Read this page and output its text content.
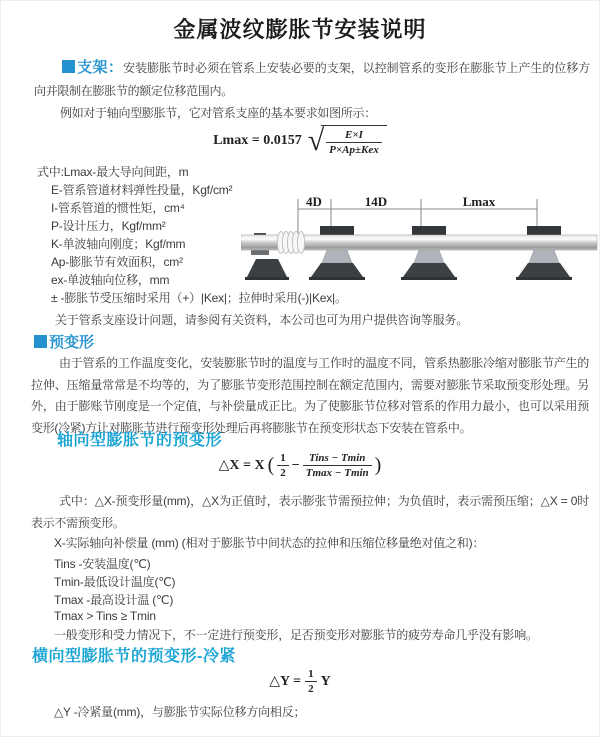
金属波纹膨胀节安装说明
支架：安装膨胀节时必须在管系上安装必要的支架，以控制管系的变形在膨胀节上产生的位移方向并限制在膨胀节的额定位移范围内。
例如对于轴向型膨胀节，它对管系支座的基本要求如图所示：
Lmax = 0.0157 √ $\frac{E\times I}{\text{P×Ap±Kex}}$
式中:Lmax-最大导向间距，m
E-管系管道材料弹性投量，Kgf/cm²
I-管系管道的惯性矩，cm⁴
P-设计压力，Kgf/mm²
K-单波轴向刚度；Kgf/mm
Ap-膨胀节有效面积，cm²
ex-单波轴向位移，mm
± -膨胀节受压缩时采用（+）|Kex|；拉伸时采用(-)|Kex|。
关于管系支座设计问题，请参阅有关资料，本公司也可为用户提供咨询等服务。
4D	14D	Lmax
预变形
由于管系的工作温度变化，安装膨胀节时的温度与工作时的温度不同，管系热膨胀冷缩对膨胀节产生的拉伸、压缩量常常是不均等的，为了膨胀节变形范围控制在额定范围内，需要对膨胀节采取预变形处理。另外，由于膨账节刚度是一个定值，与补偿量成正比。为了使膨胀节位移对管系的作用力最小，也可以采用预变形(冷紧)方让对膨胀节进行预变形处理后再将膨胀节在预变形状态下安装在管系中。
轴向型膨胀节的预变形
△X = X ( $\frac{1}{2} - \frac{\text{Tins − Tmin}}{Tmax - Tmin}$ )
式中：△X-预变形量(mm)，△X为正值时，表示膨张节需预拉伸；为负值时，表示需预压缩；△X = 0时表示不需预变形。
X-实际轴向补偿量 (mm) (相对于膨胀节中间状态的拉伸和压缩位移量绝对值之和)：
Tins -安装温度(℃)
Tmin-最低设计温度(℃)
Tmax -最高设计温 (℃)
Tmax > Tins ≥ Tmin
一般变形和受力情况下，不一定进行预变形，足否预变形对膨胀节的疲劳寿命几乎没有影响。
横向型膨胀节的预变形-冷紧
△Y = $\frac{1}{2}$ Y
△Y -冷紧量(mm)，与膨胀节实际位移方向相反；
